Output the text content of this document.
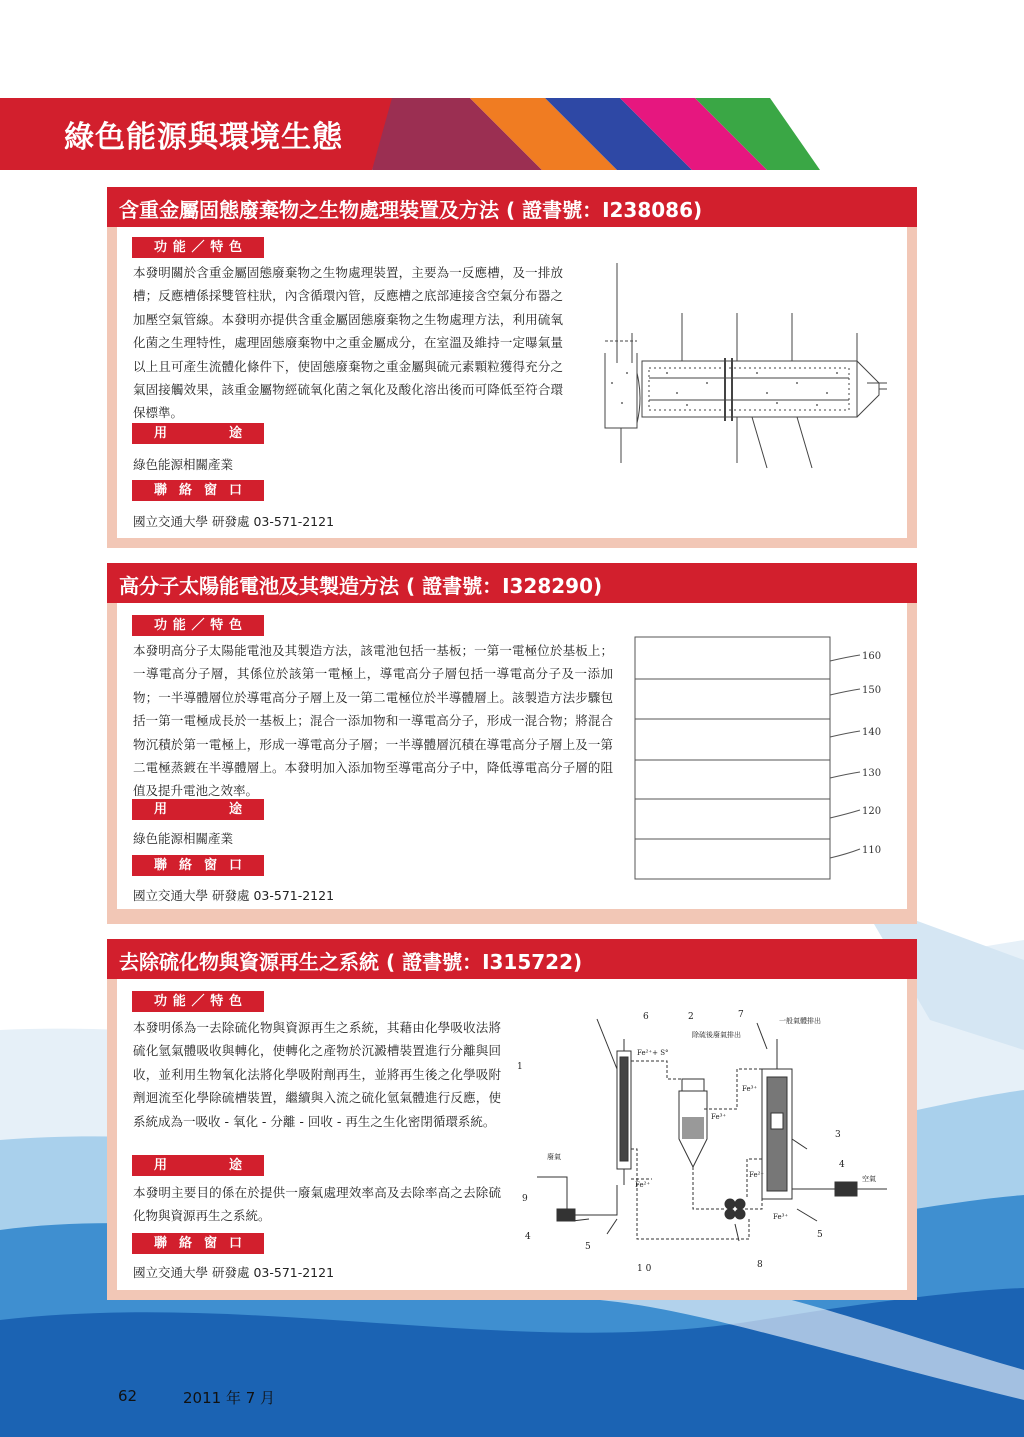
綠色能源與環境生態
含重金屬固態廢棄物之生物處理裝置及方法 ( 證書號：I238086)
功能／特色
本發明關於含重金屬固態廢棄物之生物處理裝置，主要為一反應槽，及一排放槽；反應槽係採雙管柱狀，內含循環內管，反應槽之底部連接含空氣分布器之加壓空氣管線。本發明亦提供含重金屬固態廢棄物之生物處理方法，利用硫氧化菌之生理特性，處理固態廢棄物中之重金屬成分，在室溫及維持一定曝氣量以上且可產生流體化條件下，使固態廢棄物之重金屬與硫元素顆粒獲得充分之氣固接觸效果，該重金屬物經硫氧化菌之氧化及酸化溶出後而可降低至符合環保標準。
用途
綠色能源相關產業
聯絡窗口
國立交通大學 研發處 03-571-2121
高分子太陽能電池及其製造方法 ( 證書號：I328290)
功能／特色
本發明高分子太陽能電池及其製造方法，該電池包括一基板；一第一電極位於基板上；一導電高分子層，其係位於該第一電極上，導電高分子層包括一導電高分子及一添加物；一半導體層位於導電高分子層上及一第二電極位於半導體層上。該製造方法步驟包括一第一電極成長於一基板上；混合一添加物和一導電高分子，形成一混合物；將混合物沉積於第一電極上，形成一導電高分子層；一半導體層沉積在導電高分子層上及一第二電極蒸鍍在半導體層上。本發明加入添加物至導電高分子中，降低導電高分子層的阻值及提升電池之效率。
用途
綠色能源相關產業
聯絡窗口
國立交通大學 研發處 03-571-2121
160
150
140
130
120
110
去除硫化物與資源再生之系統 ( 證書號：I315722)
功能／特色
本發明係為一去除硫化物與資源再生之系統，其藉由化學吸收法將硫化氫氣體吸收與轉化，使轉化之產物於沉澱槽裝置進行分離與回收，並利用生物氧化法將化學吸附劑再生，並將再生後之化學吸附劑迴流至化學除硫槽裝置，繼續與入流之硫化氫氣體進行反應，使系統成為一吸收 - 氧化 - 分離 - 回收 - 再生之生化密閉循環系統。
用途
本發明主要目的係在於提供一廢氣處理效率高及去除率高之去除硫化物與資源再生之系統。
聯絡窗口
國立交通大學 研發處 03-571-2121
1
2
3
4
4
5
5
6	7
8
9
1 0
廢氣
空氣
除硫後廢氣排出
一般氣體排出
Fe²⁺+ S°
Fe³⁺
Fe³⁺
Fe²⁺
Fe²⁺
Fe³⁺
62	2011 年 7 月
